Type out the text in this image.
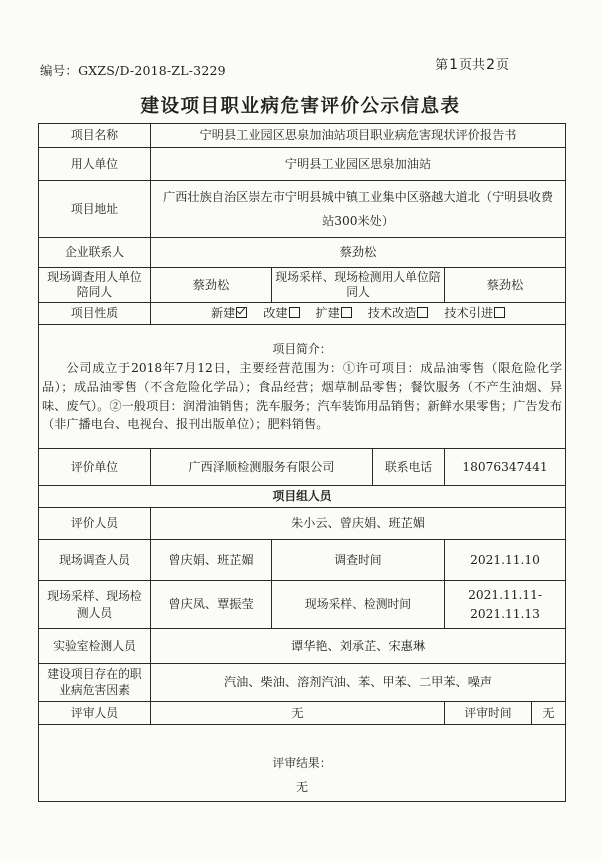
编号：GXZS/D-2018-ZL-3229	第1页共2页
建设项目职业病危害评价公示信息表
项目名称	宁明县工业园区思泉加油站项目职业病危害现状评价报告书				
用人单位	宁明县工业园区思泉加油站				
项目地址	广西壮族自治区崇左市宁明县城中镇工业集中区骆越大道北（宁明县收费站300米处）				
企业联系人	蔡劲松				
现场调查用人单位陪同人	蔡劲松	现场采样、现场检测用人单位陪同人		蔡劲松	
项目性质	新建 改建 扩建 技术改造 技术引进				

项目简介：
公司成立于2018年7月12日，主要经营范围为：①许可项目：成品油零售（限危险化学品）；成品油零售（不含危险化学品）；食品经营；烟草制品零售；餐饮服务（不产生油烟、异味、废气）。②一般项目：润滑油销售；洗车服务；汽车装饰用品销售；新鲜水果零售；广告发布（非广播电台、电视台、报刊出版单位）；肥料销售。					

评价单位	广西泽顺检测服务有限公司		联系电话	18076347441	
项目组人员					
评价人员	朱小云、曾庆娟、班芷媚				
现场调查人员	曾庆娟、班芷媚	调查时间		2021.11.10	
现场采样、现场检测人员	曾庆凤、覃振莹	现场采样、检测时间		2021.11.11-2021.11.13	
实验室检测人员	谭华艳、刘承芷、宋惠琳				
建设项目存在的职业病危害因素	汽油、柴油、溶剂汽油、苯、甲苯、二甲苯、噪声				
评审人员	无			评审时间	无

评审结果：
无					
